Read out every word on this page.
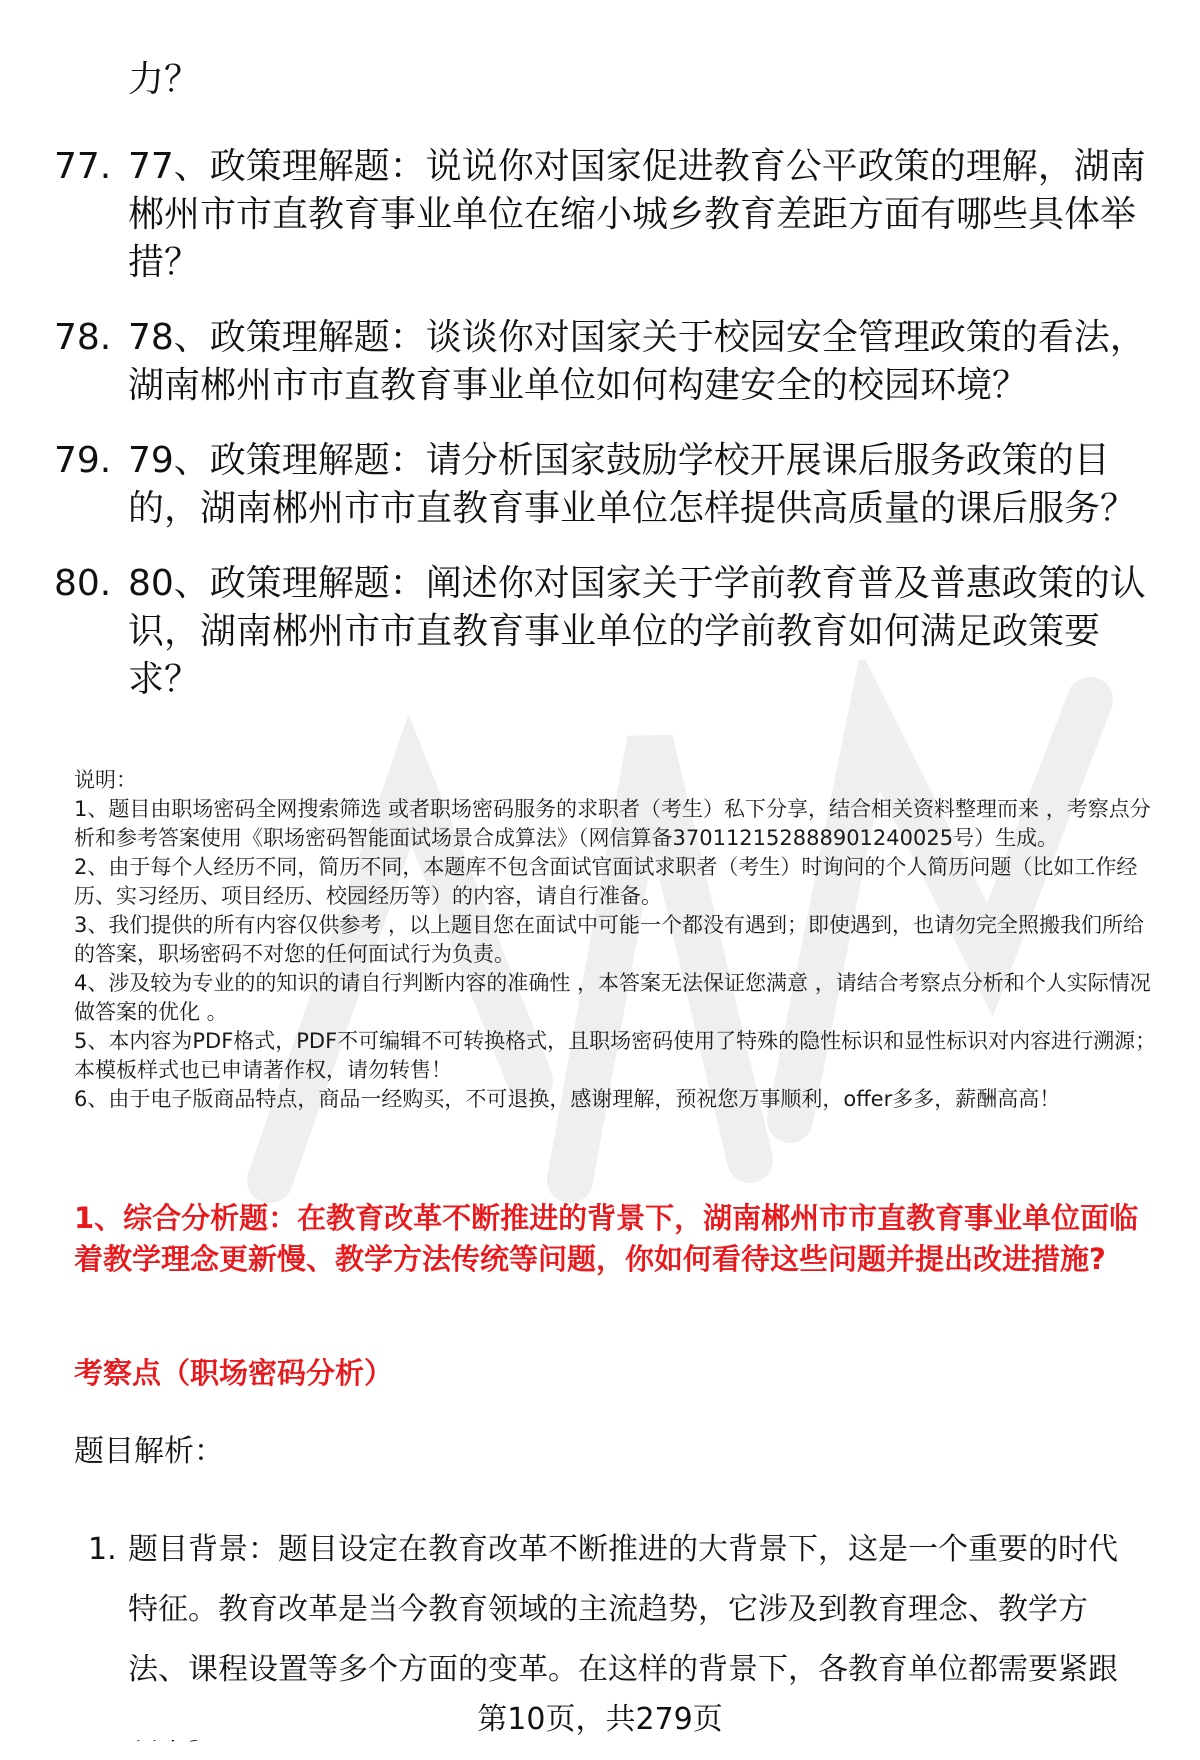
力？
77. 77、政策理解题：说说你对国家促进教育公平政策的理解，湖南郴州市市直教育事业单位在缩小城乡教育差距方面有哪些具体举措？
78. 78、政策理解题：谈谈你对国家关于校园安全管理政策的看法，湖南郴州市市直教育事业单位如何构建安全的校园环境？
79. 79、政策理解题：请分析国家鼓励学校开展课后服务政策的目的，湖南郴州市市直教育事业单位怎样提供高质量的课后服务？
80. 80、政策理解题：阐述你对国家关于学前教育普及普惠政策的认识，湖南郴州市市直教育事业单位的学前教育如何满足政策要求？

说明：

1、题目由职场密码全网搜索筛选 或者职场密码服务的求职者（考生）私下分享，结合相关资料整理而来 ，考察点分析和参考答案使用《职场密码智能面试场景合成算法》（网信算备370112152888901240025号）生成。

2、由于每个人经历不同，简历不同，本题库不包含面试官面试求职者（考生）时询问的个人简历问题（比如工作经历、实习经历、项目经历、校园经历等）的内容，请自行准备。

3、我们提供的所有内容仅供参考 ，以上题目您在面试中可能一个都没有遇到；即使遇到，也请勿完全照搬我们所给的答案，职场密码不对您的任何面试行为负责。

4、涉及较为专业的的知识的请自行判断内容的准确性 ，本答案无法保证您满意 ，请结合考察点分析和个人实际情况做答案的优化 。

5、本内容为PDF格式，PDF不可编辑不可转换格式，且职场密码使用了特殊的隐性标识和显性标识对内容进行溯源；本模板样式也已申请著作权，请勿转售！

6、由于电子版商品特点，商品一经购买，不可退换，感谢理解，预祝您万事顺利，offer多多，薪酬高高！

1、综合分析题：在教育改革不断推进的背景下，湖南郴州市市直教育事业单位面临着教学理念更新慢、教学方法传统等问题，你如何看待这些问题并提出改进措施?
考察点（职场密码分析）
题目解析：
1. 题目背景：题目设定在教育改革不断推进的大背景下，这是一个重要的时代特征。教育改革是当今教育领域的主流趋势，它涉及到教育理念、教学方法、课程设置等多个方面的变革。在这样的背景下，各教育单位都需要紧跟
第10页，共279页
